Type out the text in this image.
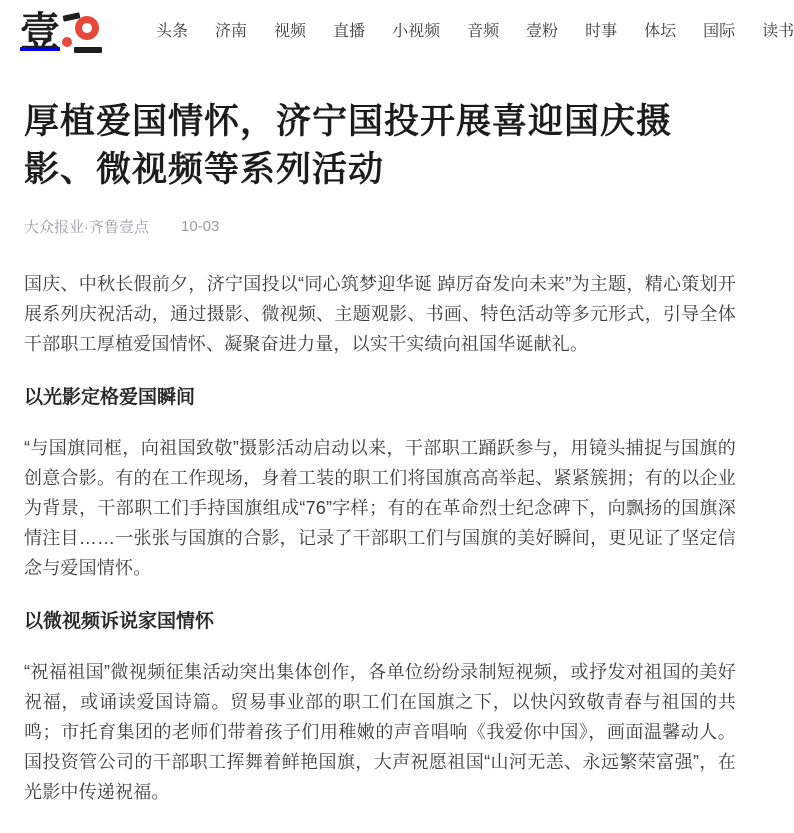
壹	头条 济南 视频 直播 小视频 音频 壹粉 时事 体坛 国际 读书
厚植爱国情怀，济宁国投开展喜迎国庆摄影、微视频等系列活动
大众报业·齐鲁壹点 10-03

国庆、中秋长假前夕，济宁国投以“同心筑梦迎华诞 踔厉奋发向未来”为主题，精心策划开展系列庆祝活动，通过摄影、微视频、主题观影、书画、特色活动等多元形式，引导全体干部职工厚植爱国情怀、凝聚奋进力量，以实干实绩向祖国华诞献礼。

以光影定格爱国瞬间

“与国旗同框，向祖国致敬”摄影活动启动以来，干部职工踊跃参与，用镜头捕捉与国旗的创意合影。有的在工作现场，身着工装的职工们将国旗高高举起、紧紧簇拥；有的以企业为背景，干部职工们手持国旗组成“76”字样；有的在革命烈士纪念碑下，向飘扬的国旗深情注目……一张张与国旗的合影，记录了干部职工们与国旗的美好瞬间，更见证了坚定信念与爱国情怀。

以微视频诉说家国情怀

“祝福祖国”微视频征集活动突出集体创作，各单位纷纷录制短视频，或抒发对祖国的美好祝福，或诵读爱国诗篇。贸易事业部的职工们在国旗之下，以快闪致敬青春与祖国的共鸣；市托育集团的老师们带着孩子们用稚嫩的声音唱响《我爱你中国》，画面温馨动人。国投资管公司的干部职工挥舞着鲜艳国旗，大声祝愿祖国“山河无恙、永远繁荣富强”，在光影中传递祝福。
